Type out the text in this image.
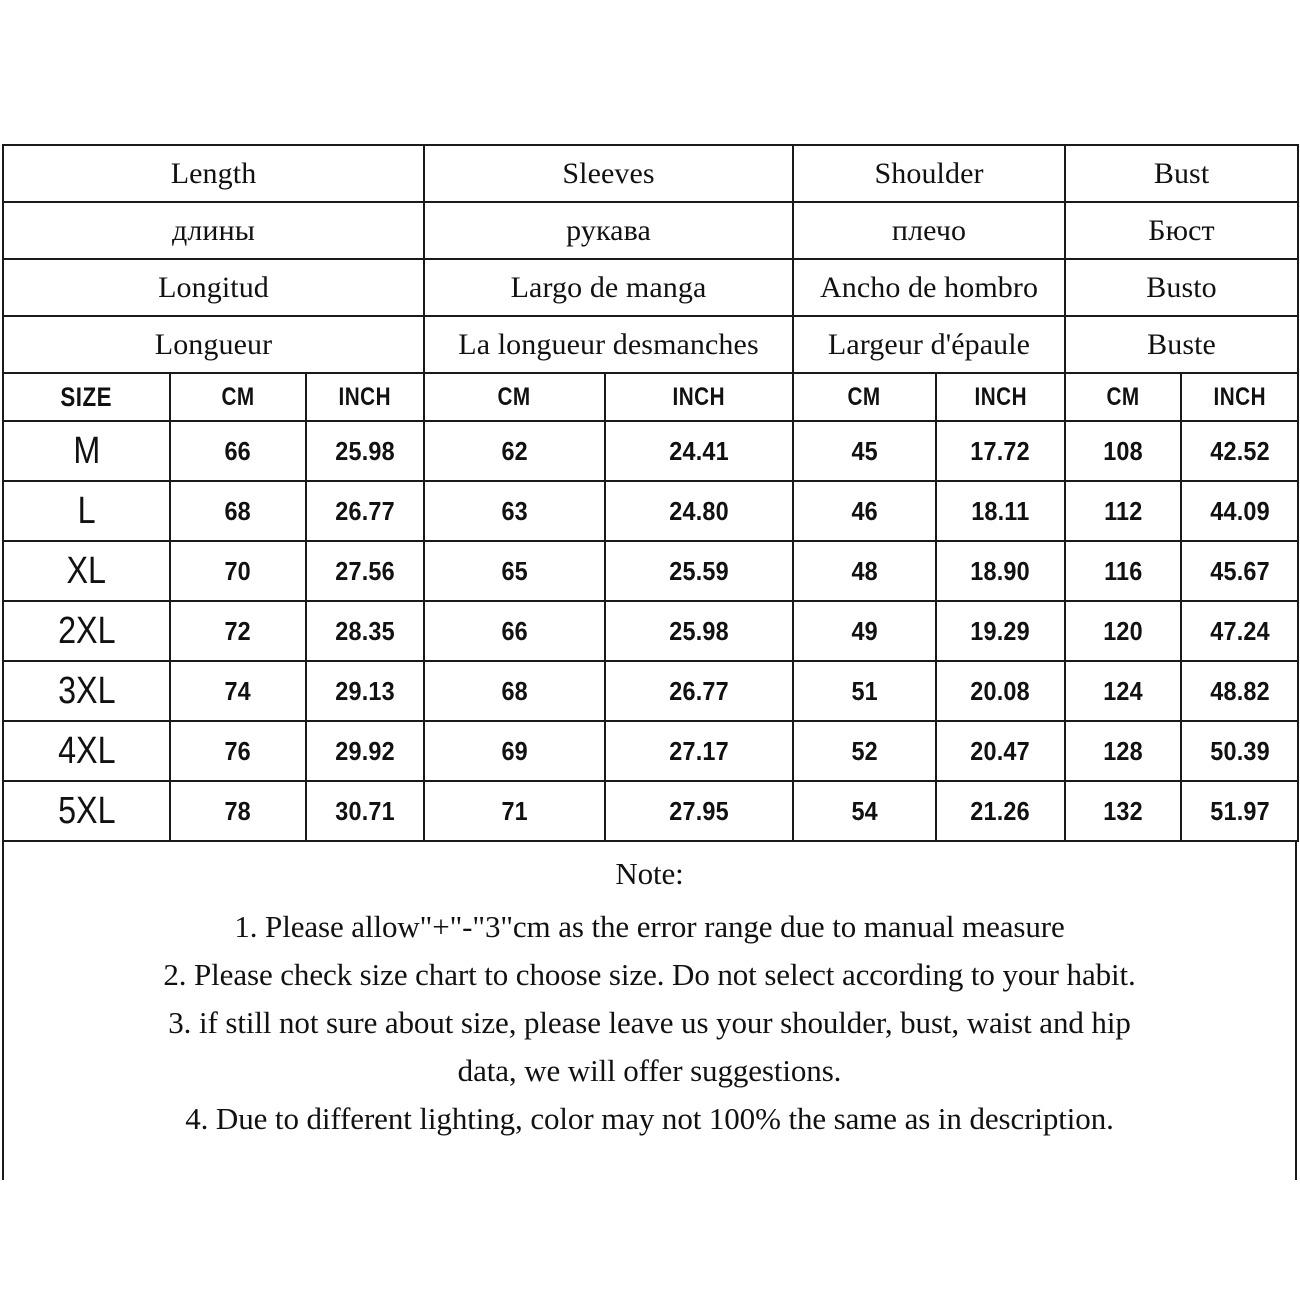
Length			Sleeves		Shoulder		Bust	
длины			рукава		плечо		Бюст	
Longitud			Largo de manga		Ancho de hombro		Busto	
Longueur			La longueur desmanches		Largeur d'épaule		Buste	
SIZE	CM	INCH	CM	INCH	CM	INCH	CM	INCH
M	66	25.98	62	24.41	45	17.72	108	42.52
L	68	26.77	63	24.80	46	18.11	112	44.09
XL	70	27.56	65	25.59	48	18.90	116	45.67
2XL	72	28.35	66	25.98	49	19.29	120	47.24
3XL	74	29.13	68	26.77	51	20.08	124	48.82
4XL	76	29.92	69	27.17	52	20.47	128	50.39
5XL	78	30.71	71	27.95	54	21.26	132	51.97
Note:
1. Please allow"+"-"3"cm as the error range due to manual measure
2. Please check size chart to choose size. Do not select according to your habit.
3. if still not sure about size, please leave us your shoulder, bust, waist and hip
data, we will offer suggestions.
4. Due to different lighting, color may not 100% the same as in description.
